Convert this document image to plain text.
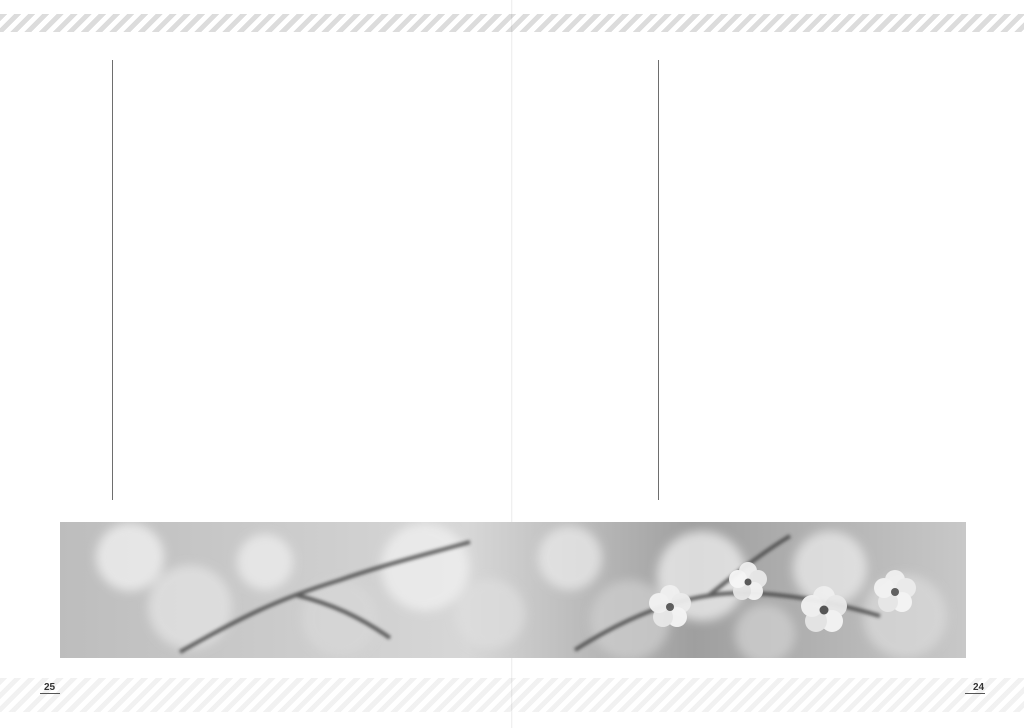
25	24
